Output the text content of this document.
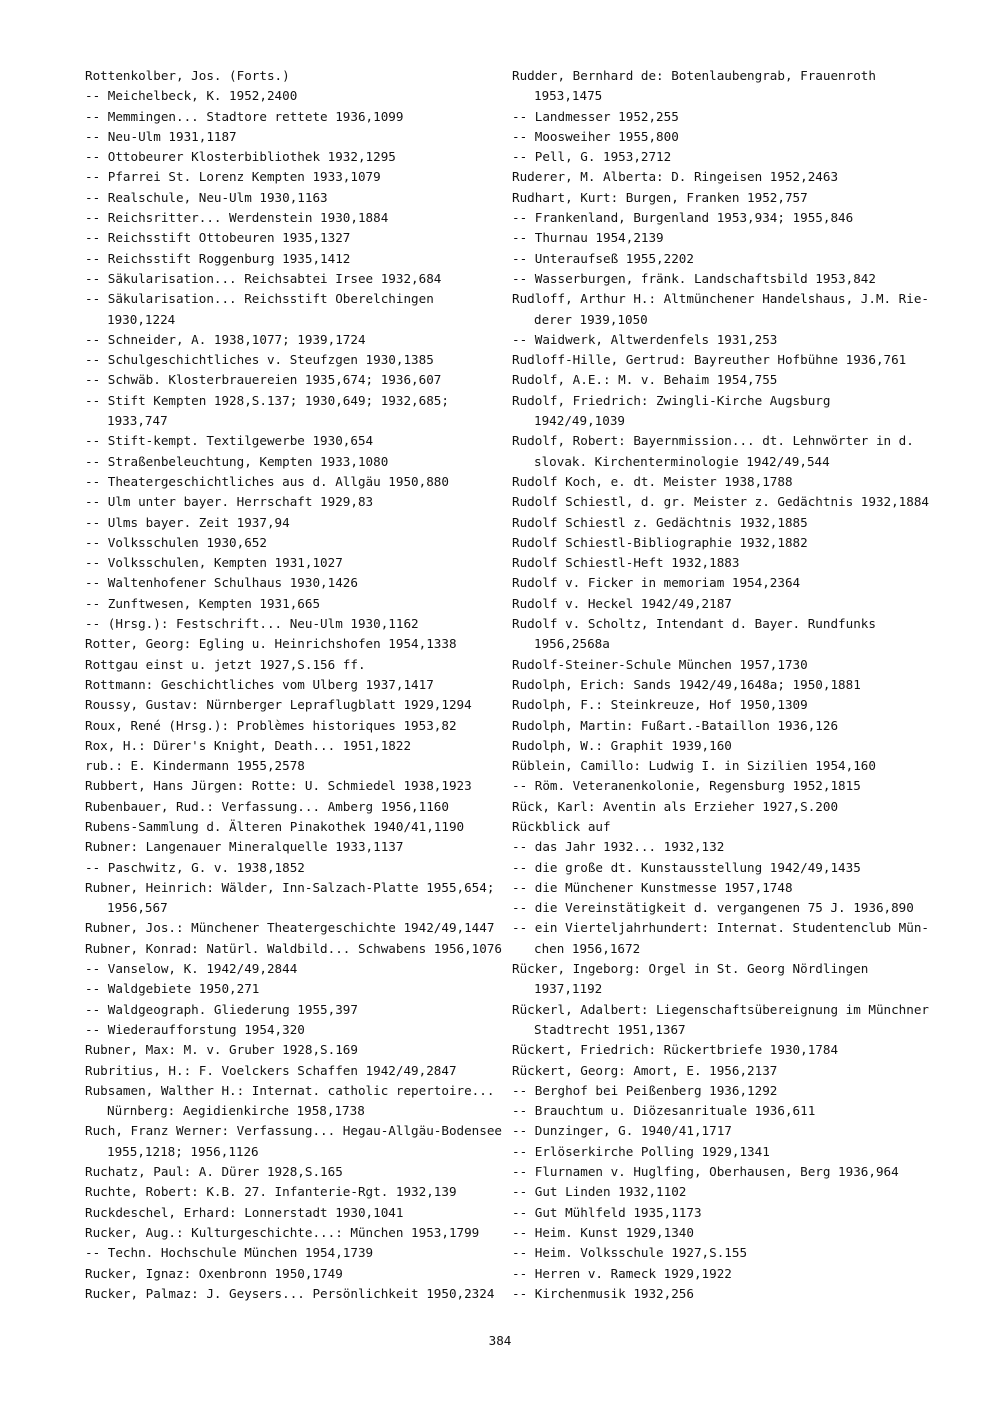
Rottenkolber, Jos. (Forts.)
-- Meichelbeck, K. 1952,2400
-- Memmingen... Stadtore rettete 1936,1099
-- Neu-Ulm 1931,1187
-- Ottobeurer Klosterbibliothek 1932,1295
-- Pfarrei St. Lorenz Kempten 1933,1079
-- Realschule, Neu-Ulm 1930,1163
-- Reichsritter... Werdenstein 1930,1884
-- Reichsstift Ottobeuren 1935,1327
-- Reichsstift Roggenburg 1935,1412
-- Säkularisation... Reichsabtei Irsee 1932,684
-- Säkularisation... Reichsstift Oberelchingen
1930,1224
-- Schneider, A. 1938,1077; 1939,1724
-- Schulgeschichtliches v. Steufzgen 1930,1385
-- Schwäb. Klosterbrauereien 1935,674; 1936,607
-- Stift Kempten 1928,S.137; 1930,649; 1932,685;
1933,747
-- Stift-kempt. Textilgewerbe 1930,654
-- Straßenbeleuchtung, Kempten 1933,1080
-- Theatergeschichtliches aus d. Allgäu 1950,880
-- Ulm unter bayer. Herrschaft 1929,83
-- Ulms bayer. Zeit 1937,94
-- Volksschulen 1930,652
-- Volksschulen, Kempten 1931,1027
-- Waltenhofener Schulhaus 1930,1426
-- Zunftwesen, Kempten 1931,665
-- (Hrsg.): Festschrift... Neu-Ulm 1930,1162
Rotter, Georg: Egling u. Heinrichshofen 1954,1338
Rottgau einst u. jetzt 1927,S.156 ff.
Rottmann: Geschichtliches vom Ulberg 1937,1417
Roussy, Gustav: Nürnberger Lepraflugblatt 1929,1294
Roux, René (Hrsg.): Problèmes historiques 1953,82
Rox, H.: Dürer's Knight, Death... 1951,1822
rub.: E. Kindermann 1955,2578
Rubbert, Hans Jürgen: Rotte: U. Schmiedel 1938,1923
Rubenbauer, Rud.: Verfassung... Amberg 1956,1160
Rubens-Sammlung d. Älteren Pinakothek 1940/41,1190
Rubner: Langenauer Mineralquelle 1933,1137
-- Paschwitz, G. v. 1938,1852
Rubner, Heinrich: Wälder, Inn-Salzach-Platte 1955,654;
1956,567
Rubner, Jos.: Münchener Theatergeschichte 1942/49,1447
Rubner, Konrad: Natürl. Waldbild... Schwabens 1956,1076
-- Vanselow, K. 1942/49,2844
-- Waldgebiete 1950,271
-- Waldgeograph. Gliederung 1955,397
-- Wiederaufforstung 1954,320
Rubner, Max: M. v. Gruber 1928,S.169
Rubritius, H.: F. Voelckers Schaffen 1942/49,2847
Rubsamen, Walther H.: Internat. catholic repertoire...
Nürnberg: Aegidienkirche 1958,1738
Ruch, Franz Werner: Verfassung... Hegau-Allgäu-Bodensee
1955,1218; 1956,1126
Ruchatz, Paul: A. Dürer 1928,S.165
Ruchte, Robert: K.B. 27. Infanterie-Rgt. 1932,139
Ruckdeschel, Erhard: Lonnerstadt 1930,1041
Rucker, Aug.: Kulturgeschichte...: München 1953,1799
-- Techn. Hochschule München 1954,1739
Rucker, Ignaz: Oxenbronn 1950,1749
Rucker, Palmaz: J. Geysers... Persönlichkeit 1950,2324
Rudder, Bernhard de: Botenlaubengrab, Frauenroth
1953,1475
-- Landmesser 1952,255
-- Moosweiher 1955,800
-- Pell, G. 1953,2712
Ruderer, M. Alberta: D. Ringeisen 1952,2463
Rudhart, Kurt: Burgen, Franken 1952,757
-- Frankenland, Burgenland 1953,934; 1955,846
-- Thurnau 1954,2139
-- Unteraufseß 1955,2202
-- Wasserburgen, fränk. Landschaftsbild 1953,842
Rudloff, Arthur H.: Altmünchener Handelshaus, J.M. Rie-
derer 1939,1050
-- Waidwerk, Altwerdenfels 1931,253
Rudloff-Hille, Gertrud: Bayreuther Hofbühne 1936,761
Rudolf, A.E.: M. v. Behaim 1954,755
Rudolf, Friedrich: Zwingli-Kirche Augsburg
1942/49,1039
Rudolf, Robert: Bayernmission... dt. Lehnwörter in d.
slovak. Kirchenterminologie 1942/49,544
Rudolf Koch, e. dt. Meister 1938,1788
Rudolf Schiestl, d. gr. Meister z. Gedächtnis 1932,1884
Rudolf Schiestl z. Gedächtnis 1932,1885
Rudolf Schiestl-Bibliographie 1932,1882
Rudolf Schiestl-Heft 1932,1883
Rudolf v. Ficker in memoriam 1954,2364
Rudolf v. Heckel 1942/49,2187
Rudolf v. Scholtz, Intendant d. Bayer. Rundfunks
1956,2568a
Rudolf-Steiner-Schule München 1957,1730
Rudolph, Erich: Sands 1942/49,1648a; 1950,1881
Rudolph, F.: Steinkreuze, Hof 1950,1309
Rudolph, Martin: Fußart.-Bataillon 1936,126
Rudolph, W.: Graphit 1939,160
Rüblein, Camillo: Ludwig I. in Sizilien 1954,160
-- Röm. Veteranenkolonie, Regensburg 1952,1815
Rück, Karl: Aventin als Erzieher 1927,S.200
Rückblick auf
-- das Jahr 1932... 1932,132
-- die große dt. Kunstausstellung 1942/49,1435
-- die Münchener Kunstmesse 1957,1748
-- die Vereinstätigkeit d. vergangenen 75 J. 1936,890
-- ein Vierteljahrhundert: Internat. Studentenclub Mün-
chen 1956,1672
Rücker, Ingeborg: Orgel in St. Georg Nördlingen
1937,1192
Rückerl, Adalbert: Liegenschaftsübereignung im Münchner
Stadtrecht 1951,1367
Rückert, Friedrich: Rückertbriefe 1930,1784
Rückert, Georg: Amort, E. 1956,2137
-- Berghof bei Peißenberg 1936,1292
-- Brauchtum u. Diözesanrituale 1936,611
-- Dunzinger, G. 1940/41,1717
-- Erlöserkirche Polling 1929,1341
-- Flurnamen v. Huglfing, Oberhausen, Berg 1936,964
-- Gut Linden 1932,1102
-- Gut Mühlfeld 1935,1173
-- Heim. Kunst 1929,1340
-- Heim. Volksschule 1927,S.155
-- Herren v. Rameck 1929,1922
-- Kirchenmusik 1932,256
384
